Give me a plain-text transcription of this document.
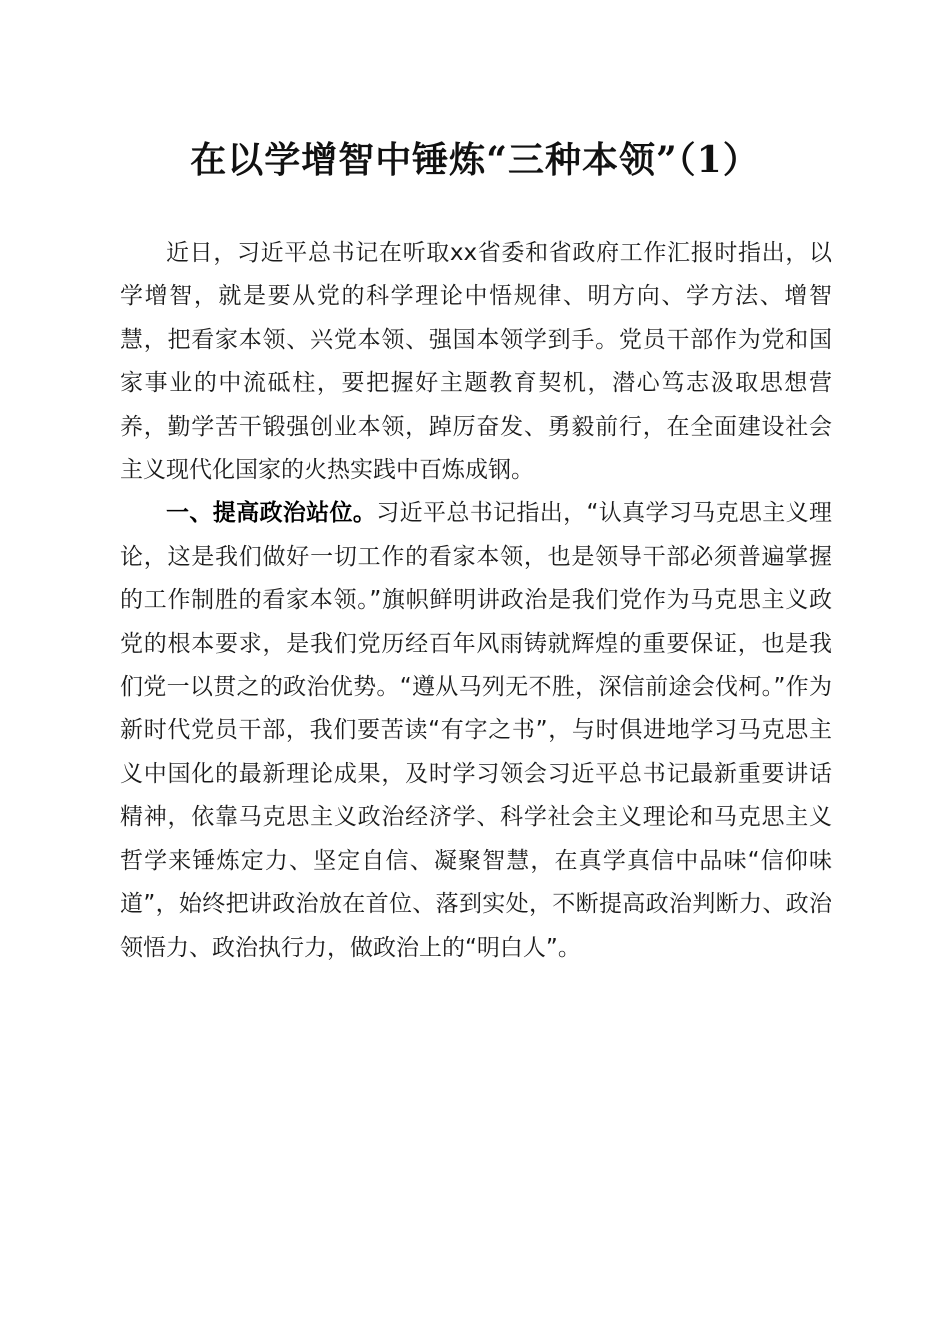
在以学增智中锤炼“三种本领”（1）

近日，习近平总书记在听取xx省委和省政府工作汇报时指出，以学增智，就是要从党的科学理论中悟规律、明方向、学方法、增智慧，把看家本领、兴党本领、强国本领学到手。党员干部作为党和国家事业的中流砥柱，要把握好主题教育契机，潜心笃志汲取思想营养，勤学苦干锻强创业本领，踔厉奋发、勇毅前行，在全面建设社会主义现代化国家的火热实践中百炼成钢。

一、提高政治站位。习近平总书记指出，“认真学习马克思主义理论，这是我们做好一切工作的看家本领，也是领导干部必须普遍掌握的工作制胜的看家本领。”旗帜鲜明讲政治是我们党作为马克思主义政党的根本要求，是我们党历经百年风雨铸就辉煌的重要保证，也是我们党一以贯之的政治优势。“遵从马列无不胜，深信前途会伐柯。”作为新时代党员干部，我们要苦读“有字之书”，与时俱进地学习马克思主义中国化的最新理论成果，及时学习领会习近平总书记最新重要讲话精神，依靠马克思主义政治经济学、科学社会主义理论和马克思主义哲学来锤炼定力、坚定自信、凝聚智慧，在真学真信中品味“信仰味道”，始终把讲政治放在首位、落到实处，不断提高政治判断力、政治领悟力、政治执行力，做政治上的“明白人”。
